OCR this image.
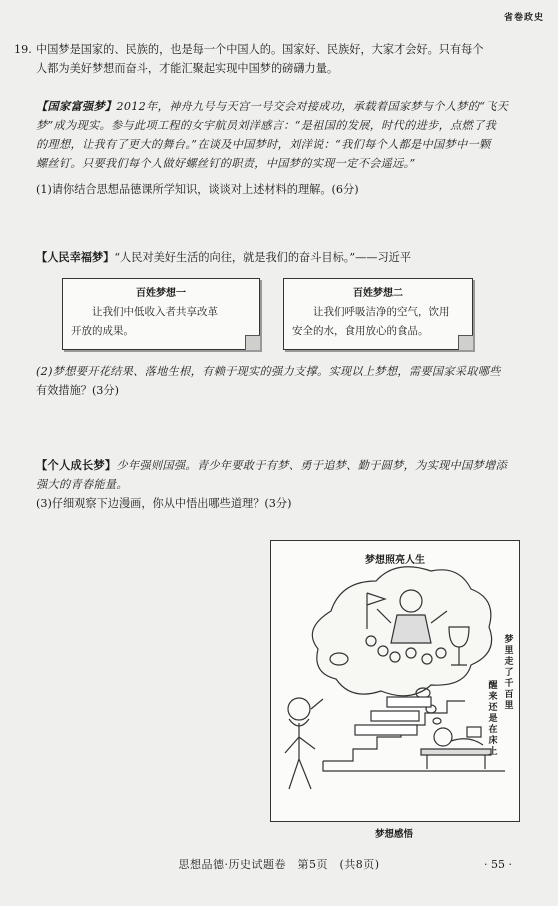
省卷政史
19. 中国梦是国家的、民族的，也是每一个中国人的。国家好、民族好，大家才会好。只有每个
人都为美好梦想而奋斗，才能汇聚起实现中国梦的磅礴力量。
【国家富强梦】2012年，神舟九号与天宫一号交会对接成功，承载着国家梦与个人梦的“飞天
梦”成为现实。参与此项工程的女宇航员刘洋感言：“是祖国的发展，时代的进步，点燃了我
的理想，让我有了更大的舞台。”在谈及中国梦时，刘洋说：“我们每个人都是中国梦中一颗
螺丝钉。只要我们每个人做好螺丝钉的职责，中国梦的实现一定不会遥远。”
(1)请你结合思想品德课所学知识，谈谈对上述材料的理解。(6分)
【人民幸福梦】“人民对美好生活的向往，就是我们的奋斗目标。”——习近平
百姓梦想一
让我们中低收入者共享改革
开放的成果。
百姓梦想二
让我们呼吸洁净的空气，饮用
安全的水，食用放心的食品。
(2)梦想要开花结果、落地生根，有赖于现实的强力支撑。实现以上梦想，需要国家采取哪些
有效措施？(3分)
【个人成长梦】少年强则国强。青少年要敢于有梦、勇于追梦、勤于圆梦，为实现中国梦增添
强大的青春能量。
(3)仔细观察下边漫画，你从中悟出哪些道理？(3分)
梦想照亮人生
梦里走了千百里
醒来还是在床上
梦想感悟
思想品德·历史试题卷　第5页　(共8页)	· 55 ·
